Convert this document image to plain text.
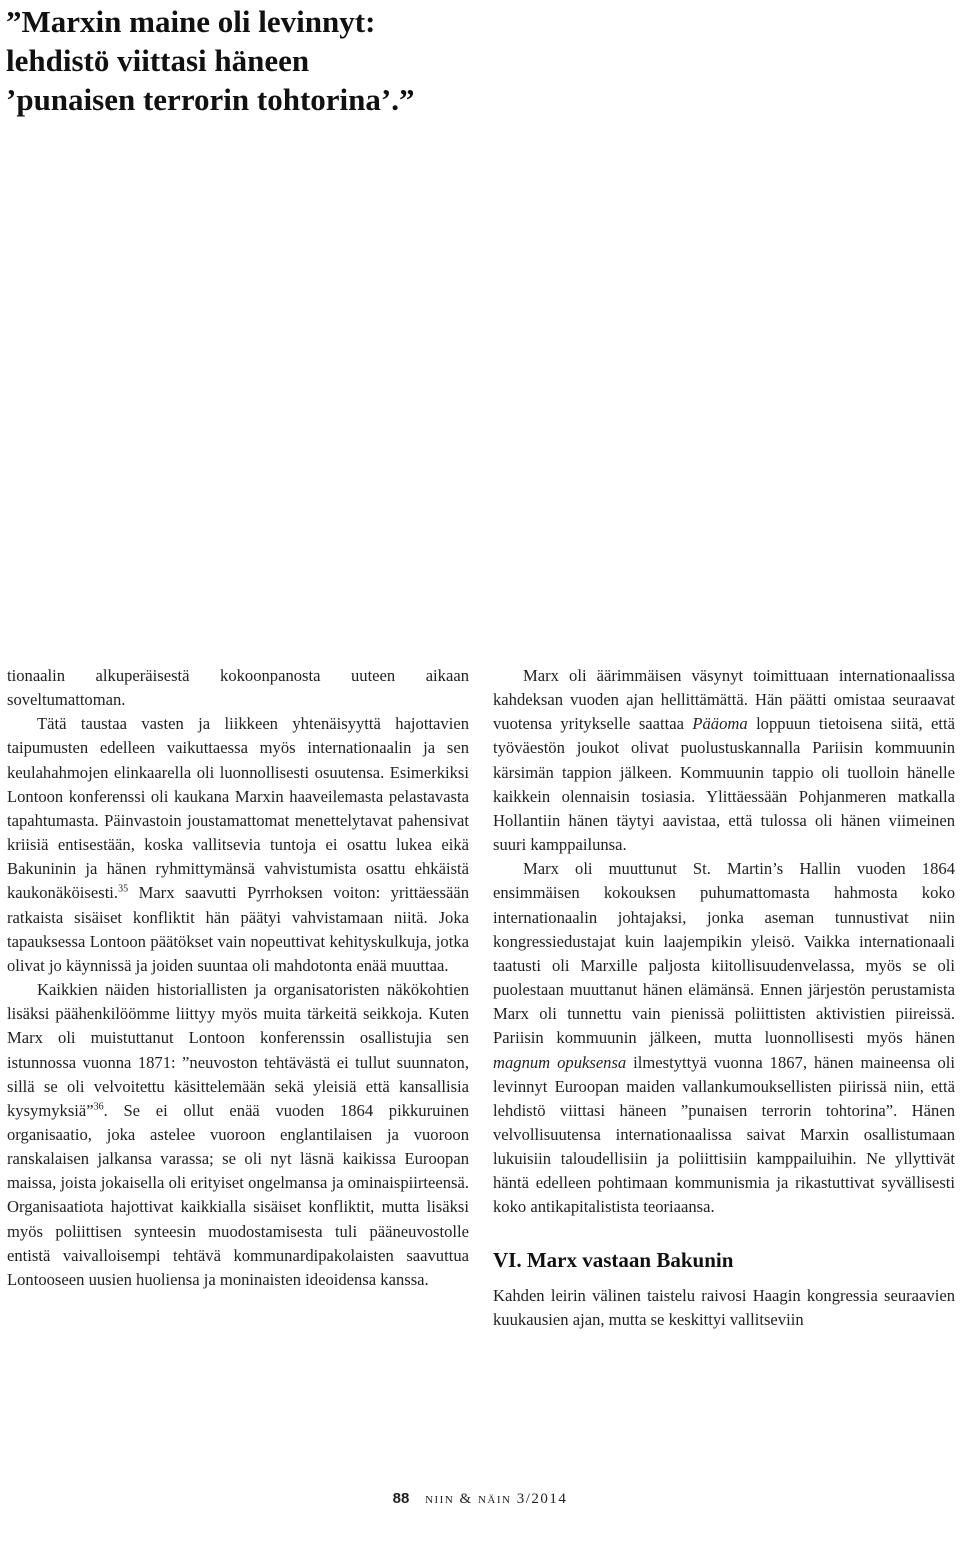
”Marxin maine oli levinnyt:
lehdistö viittasi häneen
’punaisen terrorin tohtorina’.”

tionaalin alkuperäisestä kokoonpanosta uuteen aikaan soveltumattoman.

Tätä taustaa vasten ja liikkeen yhtenäisyyttä hajottavien taipumusten edelleen vaikuttaessa myös internationaalin ja sen keulahahmojen elinkaarella oli luonnollisesti osuutensa. Esimerkiksi Lontoon konferenssi oli kaukana Marxin haaveilemasta pelastavasta tapahtumasta. Päinvastoin joustamattomat menettelytavat pahensivat kriisiä entisestään, koska vallitsevia tuntoja ei osattu lukea eikä Bakuninin ja hänen ryhmittymänsä vahvistumista osattu ehkäistä kaukonäköisesti.$^{35}$ Marx saavutti Pyrrhoksen voiton: yrittäessään ratkaista sisäiset konfliktit hän päätyi vahvistamaan niitä. Joka tapauksessa Lontoon päätökset vain nopeuttivat kehityskulkuja, jotka olivat jo käynnissä ja joiden suuntaa oli mahdotonta enää muuttaa.

Kaikkien näiden historiallisten ja organisatoristen näkökohtien lisäksi päähenkilöömme liittyy myös muita tärkeitä seikkoja. Kuten Marx oli muistuttanut Lontoon konferenssin osallistujia sen istunnossa vuonna 1871: ”neuvoston tehtävästä ei tullut suunnaton, sillä se oli velvoitettu käsittelemään sekä yleisiä että kansallisia kysymyksiä”$^{36}$. Se ei ollut enää vuoden 1864 pikkuruinen organisaatio, joka astelee vuoroon englantilaisen ja vuoroon ranskalaisen jalkansa varassa; se oli nyt läsnä kaikissa Euroopan maissa, joista jokaisella oli erityiset ongelmansa ja ominaispiirteensä. Organisaatiota hajottivat kaikkialla sisäiset konfliktit, mutta lisäksi myös poliittisen synteesin muodostamisesta tuli pääneuvostolle entistä vaivalloisempi tehtävä kommunardipakolaisten saavuttua Lontooseen uusien huoliensa ja moninaisten ideoidensa kanssa.

Marx oli äärimmäisen väsynyt toimittuaan internationaalissa kahdeksan vuoden ajan hellittämättä. Hän päätti omistaa seuraavat vuotensa yritykselle saattaa Pääoma loppuun tietoisena siitä, että työväestön joukot olivat puolustuskannalla Pariisin kommuunin kärsimän tappion jälkeen. Kommuunin tappio oli tuolloin hänelle kaikkein olennaisin tosiasia. Ylittäessään Pohjanmeren matkalla Hollantiin hänen täytyi aavistaa, että tulossa oli hänen viimeinen suuri kamppailunsa.

Marx oli muuttunut St. Martin’s Hallin vuoden 1864 ensimmäisen kokouksen puhumattomasta hahmosta koko internationaalin johtajaksi, jonka aseman tunnustivat niin kongressiedustajat kuin laajempikin yleisö. Vaikka internationaali taatusti oli Marxille paljosta kiitollisuudenvelassa, myös se oli puolestaan muuttanut hänen elämänsä. Ennen järjestön perustamista Marx oli tunnettu vain pienissä poliittisten aktivistien piireissä. Pariisin kommuunin jälkeen, mutta luonnollisesti myös hänen magnum opuksensa ilmestyttyä vuonna 1867, hänen maineensa oli levinnyt Euroopan maiden vallankumouksellisten piirissä niin, että lehdistö viittasi häneen ”punaisen terrorin tohtorina”. Hänen velvollisuutensa internationaalissa saivat Marxin osallistumaan lukuisiin taloudellisiin ja poliittisiin kamppailuihin. Ne yllyttivät häntä edelleen pohtimaan kommunismia ja rikastuttivat syvällisesti koko antikapitalistista teoriaansa.

VI. Marx vastaan Bakunin

Kahden leirin välinen taistelu raivosi Haagin kongressia seuraavien kuukausien ajan, mutta se keskittyi vallitseviin

88 niin & näin 3/2014
